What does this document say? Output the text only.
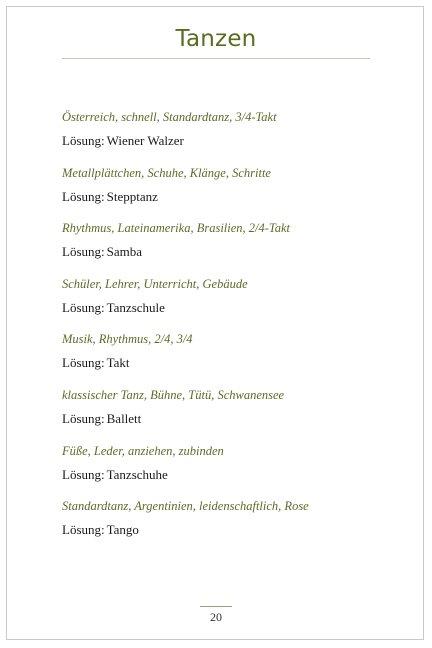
Tanzen
Österreich, schnell, Standardtanz, 3/4-Takt
Lösung: Wiener Walzer
Metallplättchen, Schuhe, Klänge, Schritte
Lösung: Stepptanz
Rhythmus, Lateinamerika, Brasilien, 2/4-Takt
Lösung: Samba
Schüler, Lehrer, Unterricht, Gebäude
Lösung: Tanzschule
Musik, Rhythmus, 2/4, 3/4
Lösung: Takt
klassischer Tanz, Bühne, Tütü, Schwanensee
Lösung: Ballett
Füße, Leder, anziehen, zubinden
Lösung: Tanzschuhe
Standardtanz, Argentinien, leidenschaftlich, Rose
Lösung: Tango
20
